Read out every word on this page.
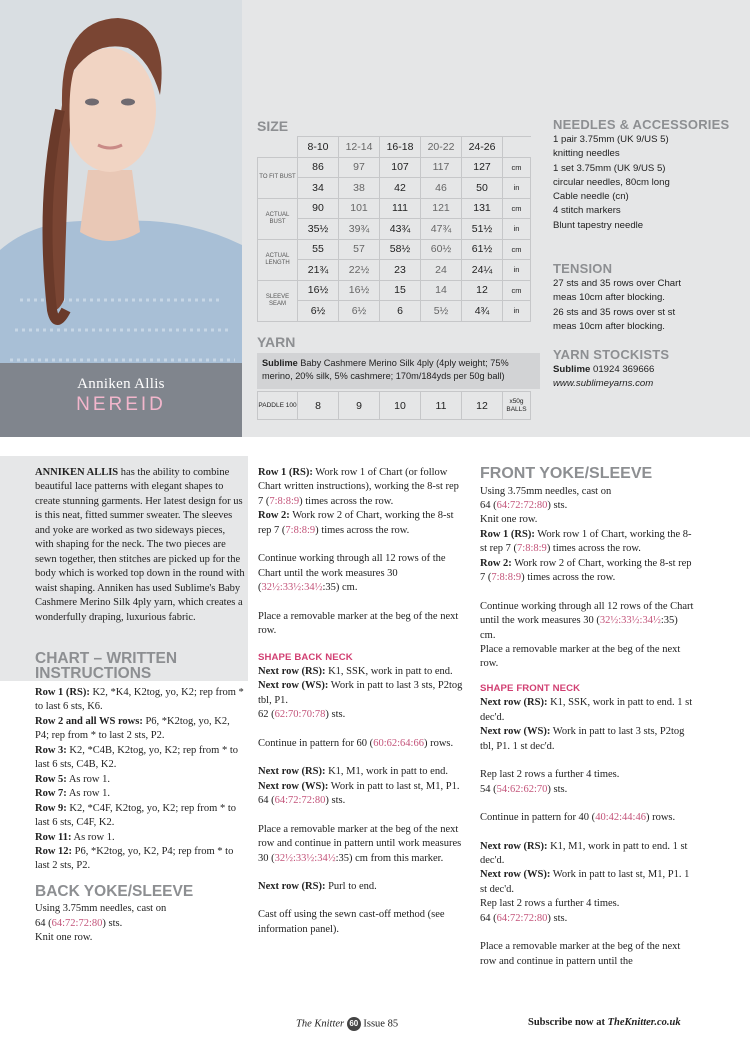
Anniken Allis
NEREID
SIZE
	8-10	12-14	16-18	20-22	24-26	
TO FIT BUST	86	97	107	117	127	cm
	34	38	42	46	50	in
ACTUAL BUST	90	101	111	121	131	cm
	35½	39¾	43¾	47¾	51½	in
ACTUAL LENGTH	55	57	58½	60½	61½	cm
	21¾	22½	23	24	24¼	in
SLEEVE SEAM	16½	16½	15	14	12	cm
	6½	6½	6	5½	4¾	in
YARN
Sublime Baby Cashmere Merino Silk 4ply (4ply weight; 75% merino, 20% silk, 5% cashmere; 170m/184yds per 50g ball)
PADDLE 100	8	9	10	11	12	x50g BALLS
NEEDLES & ACCESSORIES
1 pair 3.75mm (UK 9/US 5)
knitting needles
1 set 3.75mm (UK 9/US 5)
circular needles, 80cm long
Cable needle (cn)
4 stitch markers
Blunt tapestry needle
TENSION
27 sts and 35 rows over Chart
meas 10cm after blocking.
26 sts and 35 rows over st st
meas 10cm after blocking.
YARN STOCKISTS
Sublime 01924 369666
www.sublimeyarns.com

ANNIKEN ALLIS has the ability to combine beautiful lace patterns with elegant shapes to create stunning garments. Her latest design for us is this neat, fitted summer sweater. The sleeves and yoke are worked as two sideways pieces, with shaping for the neck. The two pieces are sewn together, then stitches are picked up for the body which is worked top down in the round with waist shaping. Anniken has used Sublime's Baby Cashmere Merino Silk 4ply yarn, which creates a wonderfully draping, luxurious fabric.

CHART – WRITTEN INSTRUCTIONS

Row 1 (RS): K2, *K4, K2tog, yo, K2; rep from * to last 6 sts, K6.

Row 2 and all WS rows: P6, *K2tog, yo, K2, P4; rep from * to last 2 sts, P2.

Row 3: K2, *C4B, K2tog, yo, K2; rep from * to last 6 sts, C4B, K2.

Row 5: As row 1.

Row 7: As row 1.

Row 9: K2, *C4F, K2tog, yo, K2; rep from * to last 6 sts, C4F, K2.

Row 11: As row 1.

Row 12: P6, *K2tog, yo, K2, P4; rep from * to last 2 sts, P2.

BACK YOKE/SLEEVE

Using 3.75mm needles, cast on

64 (64:72:72:80) sts.

Knit one row.

Row 1 (RS): Work row 1 of Chart (or follow Chart written instructions), working the 8-st rep 7 (7:8:8:9) times across the row.

Row 2: Work row 2 of Chart, working the 8-st rep 7 (7:8:8:9) times across the row.

Continue working through all 12 rows of the Chart until the work measures 30 (32½:33½:34½:35) cm.

Place a removable marker at the beg of the next row.

SHAPE BACK NECK

Next row (RS): K1, SSK, work in patt to end.

Next row (WS): Work in patt to last 3 sts, P2tog tbl, P1.

62 (62:70:70:78) sts.

Continue in pattern for 60 (60:62:64:66) rows.

Next row (RS): K1, M1, work in patt to end.

Next row (WS): Work in patt to last st, M1, P1.

64 (64:72:72:80) sts.

Place a removable marker at the beg of the next row and continue in pattern until work measures 30 (32½:33½:34½:35) cm from this marker.

Next row (RS): Purl to end.

Cast off using the sewn cast-off method (see information panel).

FRONT YOKE/SLEEVE

Using 3.75mm needles, cast on

64 (64:72:72:80) sts.

Knit one row.

Row 1 (RS): Work row 1 of Chart, working the 8-st rep 7 (7:8:8:9) times across the row.

Row 2: Work row 2 of Chart, working the 8-st rep 7 (7:8:8:9) times across the row.

Continue working through all 12 rows of the Chart until the work measures 30 (32½:33½:34½:35) cm.

Place a removable marker at the beg of the next row.

SHAPE FRONT NECK

Next row (RS): K1, SSK, work in patt to end. 1 st dec'd.

Next row (WS): Work in patt to last 3 sts, P2tog tbl, P1. 1 st dec'd.

Rep last 2 rows a further 4 times.

54 (54:62:62:70) sts.

Continue in pattern for 40 (40:42:44:46) rows.

Next row (RS): K1, M1, work in patt to end. 1 st dec'd.

Next row (WS): Work in patt to last st, M1, P1. 1 st dec'd.

Rep last 2 rows a further 4 times.

64 (64:72:72:80) sts.

Place a removable marker at the beg of the next row and continue in pattern until the

The Knitter 60 Issue 85	Subscribe now at TheKnitter.co.uk
